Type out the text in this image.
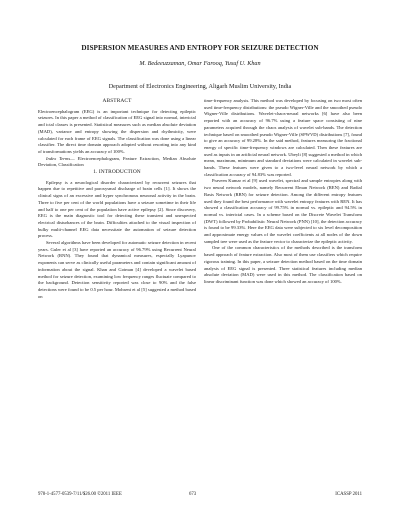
DISPERSION MEASURES AND ENTROPY FOR SEIZURE DETECTION
M. Bedeeuzzaman, Omar Farooq, Yusuf U. Khan
Department of Electronics Engineering, Aligarh Muslim University, India
ABSTRACT

Electroencephalogram (EEG) is an important technique for detecting epileptic seizures. In this paper a method of classification of EEG signal into normal, interictal and ictal classes is presented. Statistical measures such as median absolute deviation (MAD), variance and entropy showing the dispersion and rhythmicity, were calculated for each frame of EEG signals. The classification was done using a linear classifier. The direct time domain approach adopted without resorting into any kind of transformations yields an accuracy of 100%.

Index Terms— Electroencephalogram, Feature Extraction, Median Absolute Deviation, Classification

1. INTRODUCTION

Epilepsy is a neurological disorder characterized by recurrent seizures that happen due to repetitive and paroxysmal discharge of brain cells [1]. It shows the clinical signs of an excessive and hyper synchronous neuronal activity in the brain. Three to five per cent of the world populations have a seizure sometime in their life and half to one per cent of the population have active epilepsy [2]. Since discovery, EEG is the main diagnostic tool for detecting these transient and unexpected electrical disturbances of the brain. Difficulties attached to the visual inspection of bulky multi-channel EEG data necessitate the automation of seizure detection process.

Several algorithms have been developed for automatic seizure detection in recent years. Guler et al [3] have reported an accuracy of 96.79% using Recurrent Neural Network (RNN). They found that dynamical measures, especially Lyapunov exponents can serve as clinically useful parameters and contain significant amount of information about the signal. Khan and Gotman [4] developed a wavelet based method for seizure detection, examining low frequency ranges fluctuate compared to the background. Detection sensitivity reported was close to 90% and the false detections were found to be 0.5 per hour. Mohseni et al [5] suggested a method based on

time-frequency analysis. This method was developed by focusing on two most often used time-frequency distributions: the pseudo Wigner-Ville and the smoothed pseudo Wigner-Ville distributions. Wavelet-chaos-neural networks [6] have also been reported with an accuracy of 96.7% using a feature space consisting of nine parameters acquired through the chaos analysis of wavelet sub-bands. The detection technique based on smoothed pseudo Wigner-Ville (SPWVD) distributions [7], found to give an accuracy of 99.28%. In the said method, features measuring the fractional energy of specific time-frequency windows are calculated. Then these features are used as inputs in an artificial neural network. Ubeyli [8] suggested a method in which mean, maximum, minimum and standard deviations were calculated in wavelet sub-bands. These features were given to a two-level neural network by which a classification accuracy of 94.83% was reported.

Praveen Kumar et al [9] used wavelet, spectral and sample entropies along with two neural network models, namely Recurrent Elman Network (REN) and Radial Basis Network (RBN) for seizure detection. Among the different entropy features used they found the best performance with wavelet entropy features with REN. It has showed a classification accuracy of 99.75% in normal vs. epileptic and 94.5% in normal vs. interictal cases. In a scheme based on the Discrete Wavelet Transform (DWT) followed by Probabilistic Neural Network (PNN) [10], the detection accuracy is found to be 99.33%. Here the EEG data were subjected to six level decomposition and approximate energy values of the wavelet coefficients at all nodes of the down sampled tree were used as the feature vector to characterize the epileptic activity.

One of the common characteristics of the methods described is the transform based approach of feature extraction. Also most of them use classifiers which require rigorous training. In this paper, a seizure detection method based on the time domain analysis of EEG signal is presented. Three statistical features including median absolute deviation (MAD) were used in this method. The classification based on linear discriminant function was done which showed an accuracy of 100%.

978-1-4577-0539-7/11/$26.00 ©2011 IEEE	673	ICASSP 2011
